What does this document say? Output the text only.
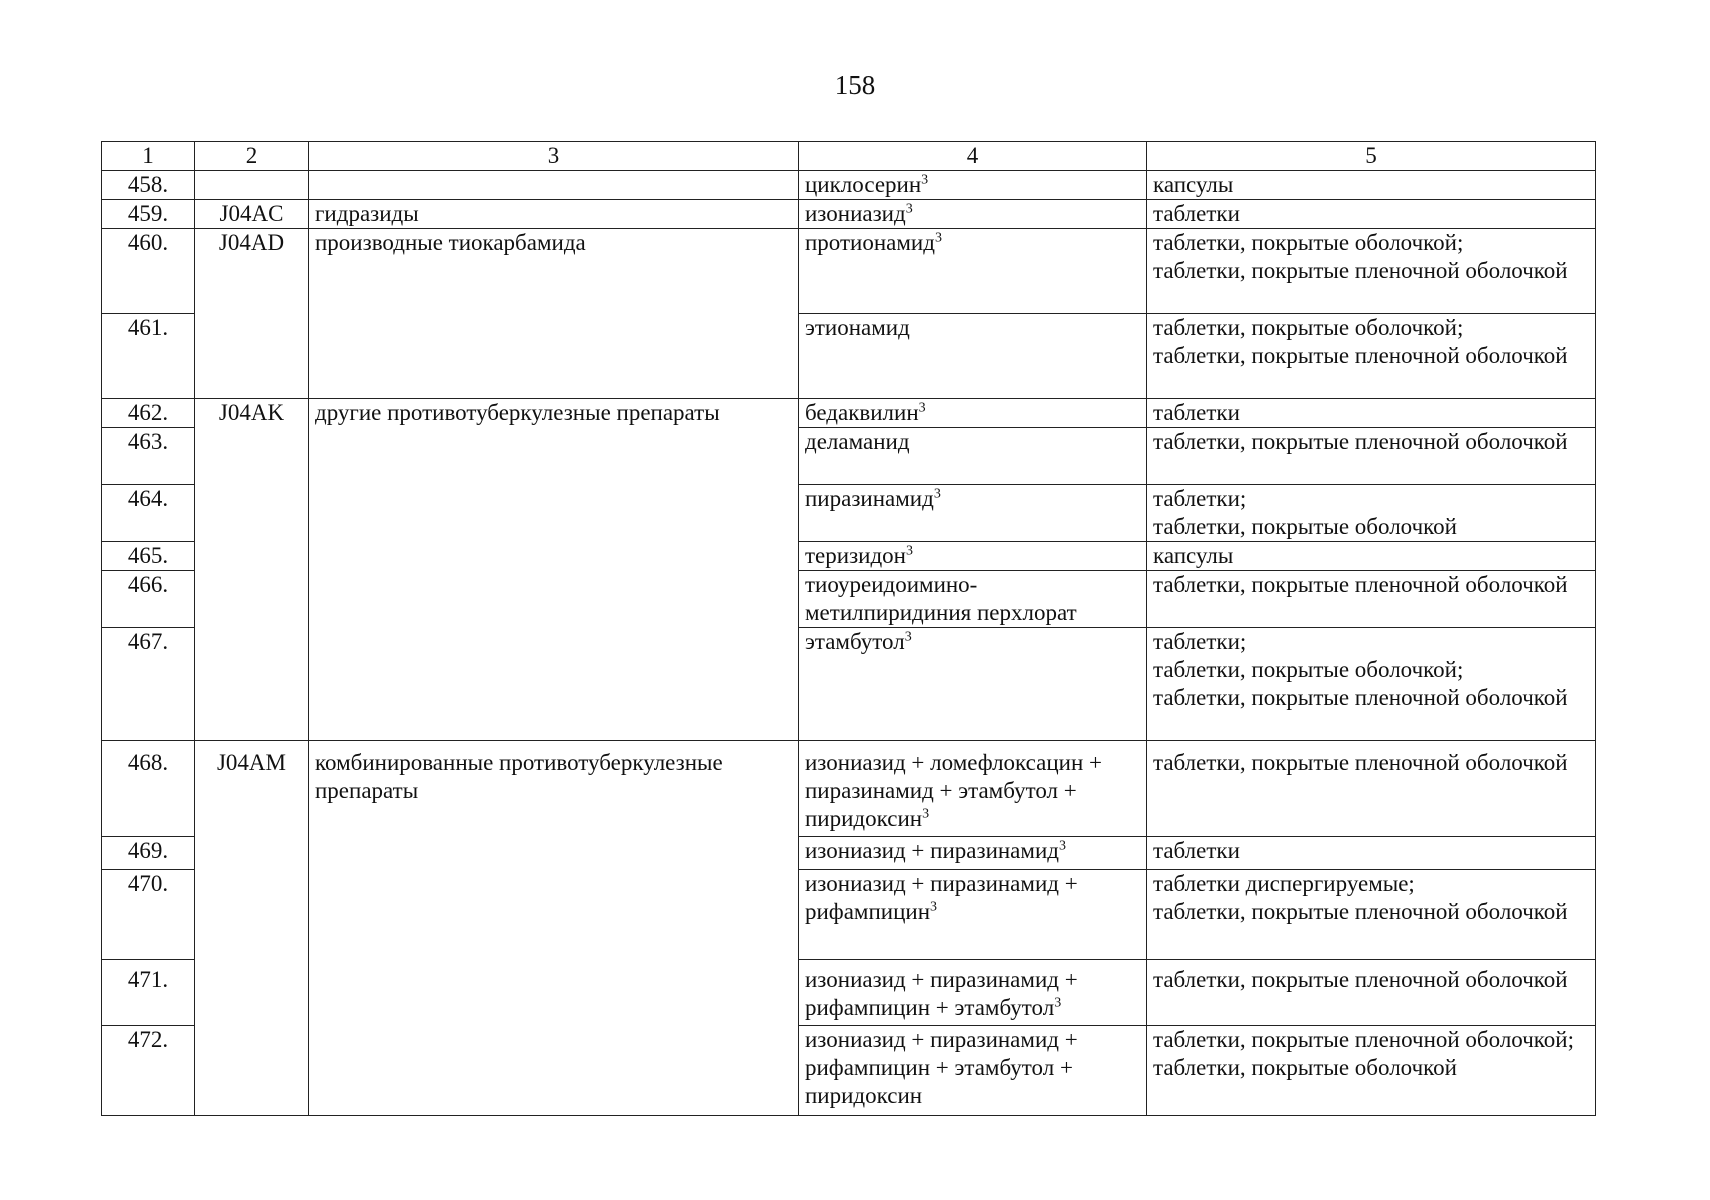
158
1	2	3	4	5
458.			циклосерин$^3$	капсулы
459.	J04AC	гидразиды	изониазид$^3$	таблетки
460.	J04AD	производные тиокарбамида	протионамид$^3$	таблетки, покрытые оболочкой;
таблетки, покрытые пленочной оболочкой
461.			этионамид	таблетки, покрытые оболочкой;
таблетки, покрытые пленочной оболочкой
462.	J04AK	другие противотуберкулезные препараты	бедаквилин$^3$	таблетки
463.			деламанид	таблетки, покрытые пленочной оболочкой
464.			пиразинамид$^3$	таблетки;
таблетки, покрытые оболочкой
465.			теризидон$^3$	капсулы
466.			тиоуреидоимино-метилпиридиния перхлорат	таблетки, покрытые пленочной оболочкой
467.			этамбутол$^3$	таблетки;
таблетки, покрытые оболочкой;
таблетки, покрытые пленочной оболочкой
468.	J04AM	комбинированные противотуберкулезные препараты	изониазид + ломефлоксацин + пиразинамид + этамбутол + пиридоксин$^3$	таблетки, покрытые пленочной оболочкой
469.			изониазид + пиразинамид$^3$	таблетки
470.			изониазид + пиразинамид + рифампицин$^3$	таблетки диспергируемые;
таблетки, покрытые пленочной оболочкой
471.			изониазид + пиразинамид + рифампицин + этамбутол$^3$	таблетки, покрытые пленочной оболочкой
472.			изониазид + пиразинамид + рифампицин + этамбутол + пиридоксин	таблетки, покрытые пленочной оболочкой;
таблетки, покрытые оболочкой
